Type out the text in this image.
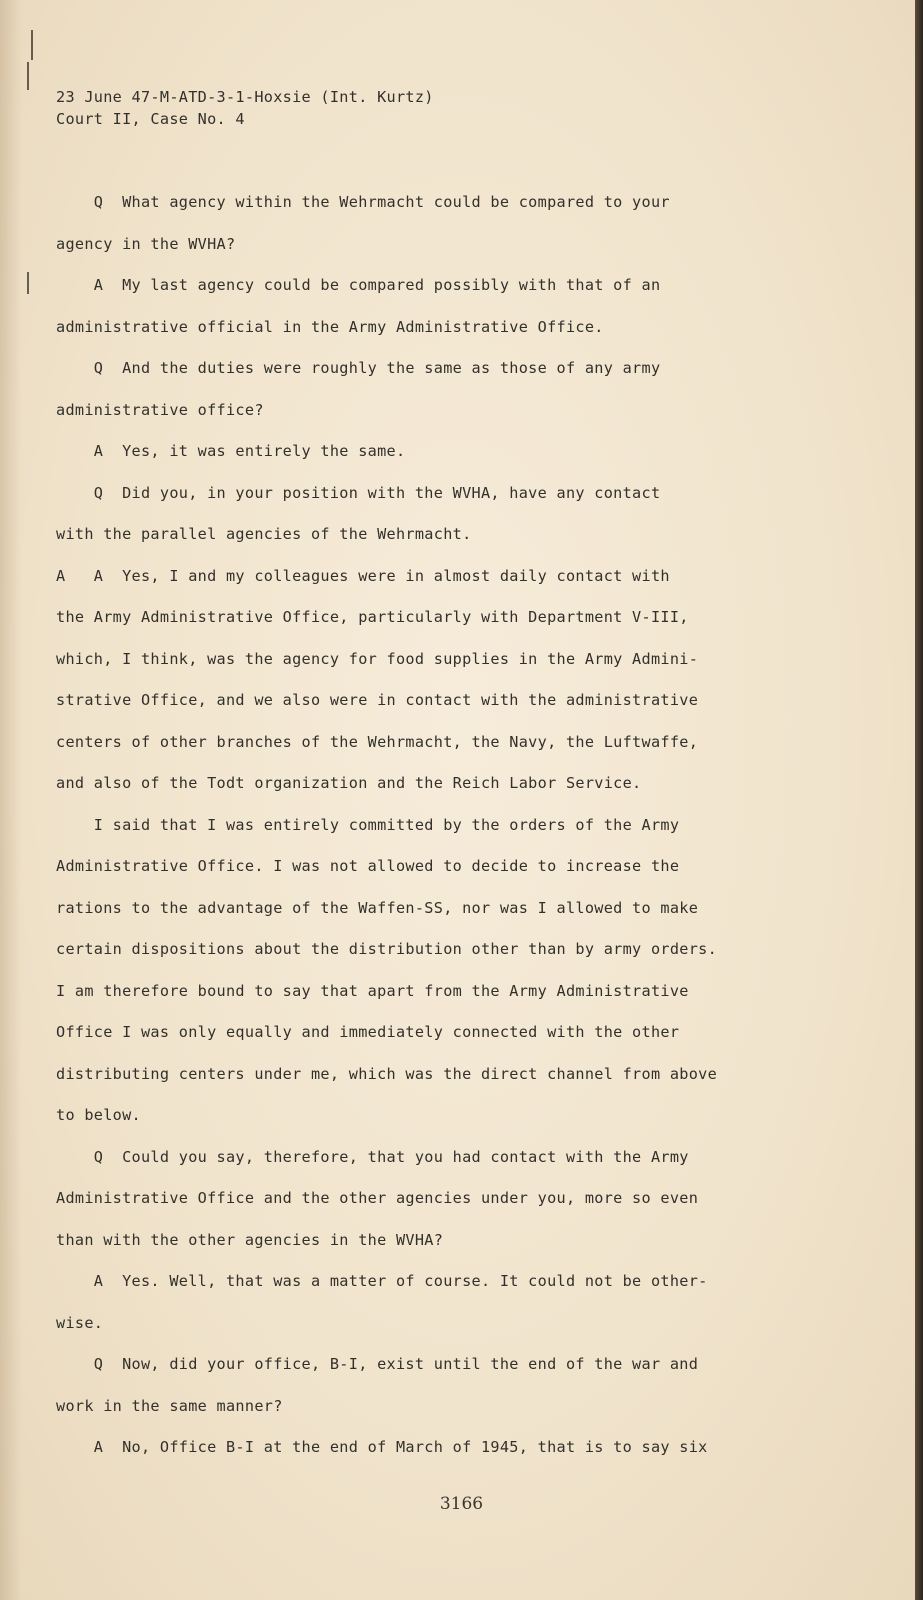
23 June 47-M-ATD-3-1-Hoxsie (Int. Kurtz)
Court II, Case No. 4
Q  What agency within the Wehrmacht could be compared to your
agency in the WVHA?
A  My last agency could be compared possibly with that of an
administrative official in the Army Administrative Office.
Q  And the duties were roughly the same as those of any army
administrative office?
A  Yes, it was entirely the same.
Q  Did you, in your position with the WVHA, have any contact
with the parallel agencies of the Wehrmacht.
A   A  Yes, I and my colleagues were in almost daily contact with
the Army Administrative Office, particularly with Department V-III,
which, I think, was the agency for food supplies in the Army Admini-
strative Office, and we also were in contact with the administrative
centers of other branches of the Wehrmacht, the Navy, the Luftwaffe,
and also of the Todt organization and the Reich Labor Service.
I said that I was entirely committed by the orders of the Army
Administrative Office. I was not allowed to decide to increase the
rations to the advantage of the Waffen-SS, nor was I allowed to make
certain dispositions about the distribution other than by army orders.
I am therefore bound to say that apart from the Army Administrative
Office I was only equally and immediately connected with the other
distributing centers under me, which was the direct channel from above
to below.
Q  Could you say, therefore, that you had contact with the Army
Administrative Office and the other agencies under you, more so even
than with the other agencies in the WVHA?
A  Yes. Well, that was a matter of course. It could not be other-
wise.
Q  Now, did your office, B-I, exist until the end of the war and
work in the same manner?
A  No, Office B-I at the end of March of 1945, that is to say six
3166
